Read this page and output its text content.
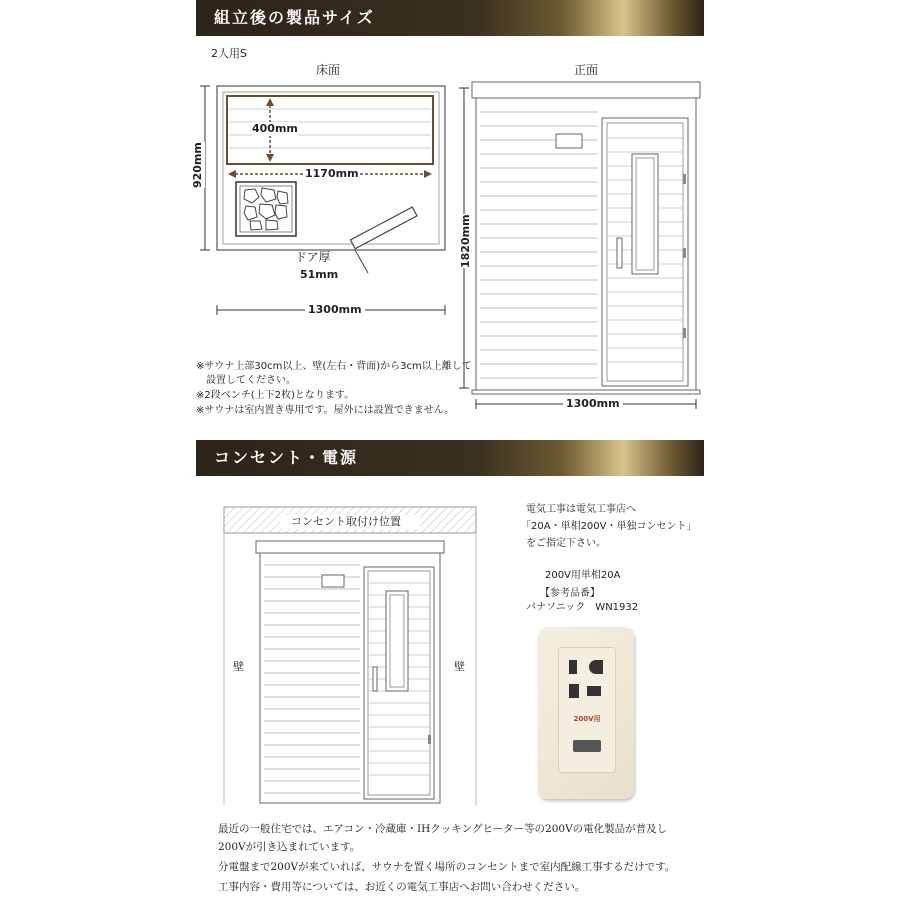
組立後の製品サイズ
2人用S
床面	正面
400mm
1170mm
920mm
ドア厚
51mm
1300mm
1820mm
1300mm
※サウナ上部30cm以上、壁(左右・背面)から3cm以上離して
　設置してください。
※2段ベンチ(上下2枚)となります。
※サウナは室内置き専用です。屋外には設置できません。
コンセント・電源
コンセント取付け位置
壁	壁
電気工事は電気工事店へ
「20A・単相200V・単独コンセント」
をご指定下さい。
200V用単相20A
【参考品番】
パナソニック　WN1932
200V用
最近の一般住宅では、エアコン・冷蔵庫・IHクッキングヒーター等の200Vの電化製品が普及し
200Vが引き込まれています。
分電盤まで200Vが来ていれば、サウナを置く場所のコンセントまで室内配線工事するだけです。
工事内容・費用等については、お近くの電気工事店へお問い合わせください。
